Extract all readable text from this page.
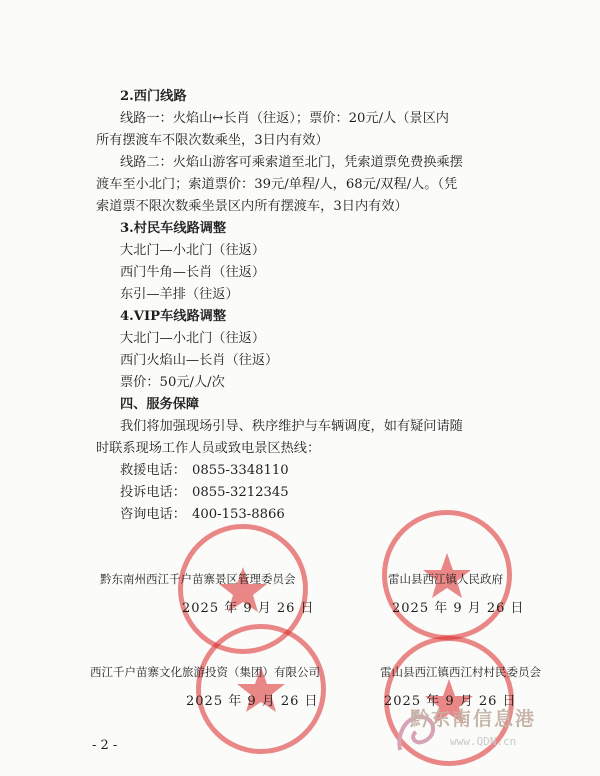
2.西门线路
线路一：火焰山↔长肖（往返）；票价：20元/人（景区内
所有摆渡车不限次数乘坐，3日内有效）
线路二：火焰山游客可乘索道至北门，凭索道票免费换乘摆
渡车至小北门；索道票价：39元/单程/人，68元/双程/人。（凭
索道票不限次数乘坐景区内所有摆渡车，3日内有效）
3.村民车线路调整
大北门—小北门（往返）
西门牛角—长肖（往返）
东引—羊排（往返）
4.VIP车线路调整
大北门—小北门（往返）
西门火焰山—长肖（往返）
票价：50元/人/次
四、服务保障
我们将加强现场引导、秩序维护与车辆调度，如有疑问请随
时联系现场工作人员或致电景区热线：
救援电话： 0855-3348110
投诉电话： 0855-3212345
咨询电话： 400-153-8866
黔东南州西江千户苗寨景区管理委员会
2025 年 9 月 26 日
雷山县西江镇人民政府
2025 年 9 月 26 日
西江千户苗寨文化旅游投资（集团）有限公司
2025 年 9 月 26 日
雷山县西江镇西江村村民委员会
2025 年 9 月 26 日
黔东南信息港
www.QDN.cn
- 2 -
